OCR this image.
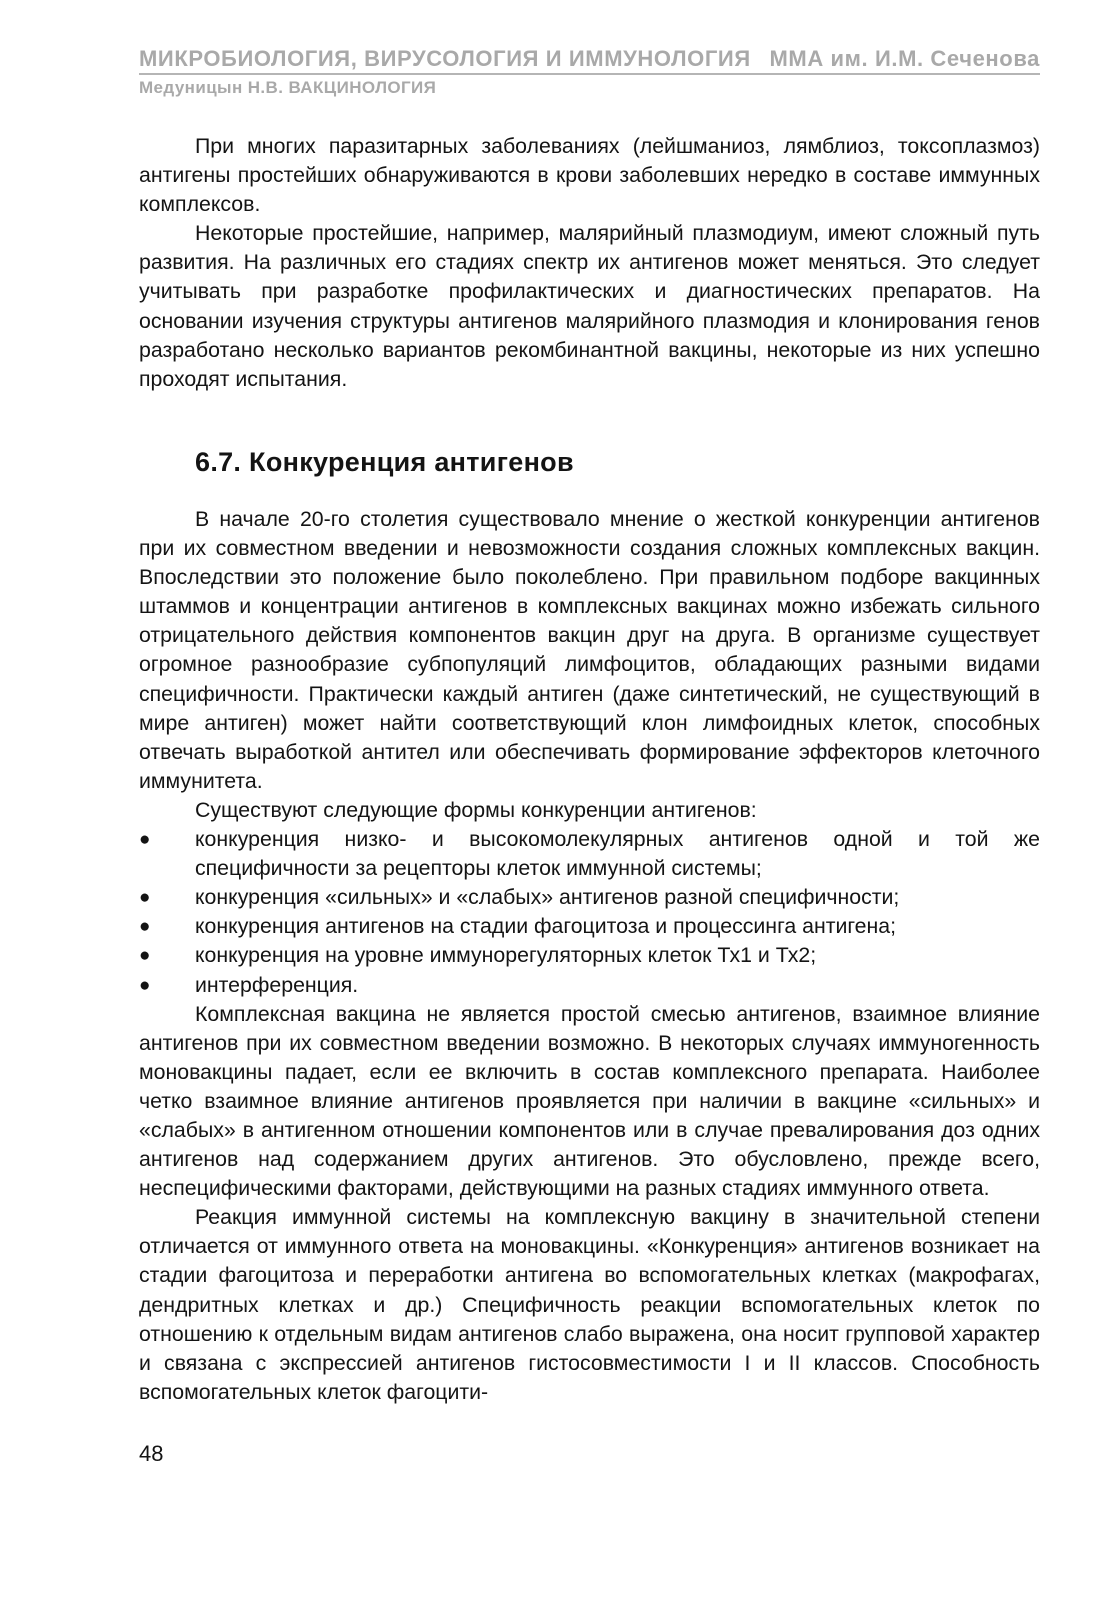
МИКРОБИОЛОГИЯ, ВИРУСОЛОГИЯ И ИММУНОЛОГИЯ ММА им. И.М. Сеченова
Медуницын Н.В. ВАКЦИНОЛОГИЯ

При многих паразитарных заболеваниях (лейшманиоз, лямблиоз, токсоплазмоз) антигены простейших обнаруживаются в крови заболевших нередко в составе иммунных комплексов.

Некоторые простейшие, например, малярийный плазмодиум, имеют сложный путь развития. На различных его стадиях спектр их антигенов может меняться. Это следует учитывать при разработке профилактических и диагностических препаратов. На основании изучения структуры антигенов малярийного плазмодия и клонирования генов разработано несколько вариантов рекомбинантной вакцины, некоторые из них успешно проходят испытания.

6.7. Конкуренция антигенов

В начале 20-го столетия существовало мнение о жесткой конкуренции антигенов при их совместном введении и невозможности создания сложных комплексных вакцин. Впоследствии это положение было поколеблено. При правильном подборе вакцинных штаммов и концентрации антигенов в комплексных вакцинах можно избежать сильного отрицательного действия компонентов вакцин друг на друга. В организме существует огромное разнообразие субпопуляций лимфоцитов, обладающих разными видами специфичности. Практически каждый антиген (даже синтетический, не существующий в мире антиген) может найти соответствующий клон лимфоидных клеток, способных отвечать выработкой антител или обеспечивать формирование эффекторов клеточного иммунитета.

Существуют следующие формы конкуренции антигенов:

●	конкуренция низко- и высокомолекулярных антигенов одной и той же специфичности за рецепторы клеток иммунной системы;
●	конкуренция «сильных» и «слабых» антигенов разной специфичности;
●	конкуренция антигенов на стадии фагоцитоза и процессинга антигена;
●	конкуренция на уровне иммунорегуляторных клеток Тх1 и Тх2;
●	интерференция.

Комплексная вакцина не является простой смесью антигенов, взаимное влияние антигенов при их совместном введении возможно. В некоторых случаях иммуногенность моновакцины падает, если ее включить в состав комплексного препарата. Наиболее четко взаимное влияние антигенов проявляется при наличии в вакцине «сильных» и «слабых» в антигенном отношении компонентов или в случае превалирования доз одних антигенов над содержанием других антигенов. Это обусловлено, прежде всего, неспецифическими факторами, действующими на разных стадиях иммунного ответа.

Реакция иммунной системы на комплексную вакцину в значительной степени отличается от иммунного ответа на моновакцины. «Конкуренция» антигенов возникает на стадии фагоцитоза и переработки антигена во вспомогательных клетках (макрофагах, дендритных клетках и др.) Специфичность реакции вспомогательных клеток по отношению к отдельным видам антигенов слабо выражена, она носит групповой характер и связана с экспрессией антигенов гистосовместимости I и II классов. Способность вспомогательных клеток фагоцити-

48
